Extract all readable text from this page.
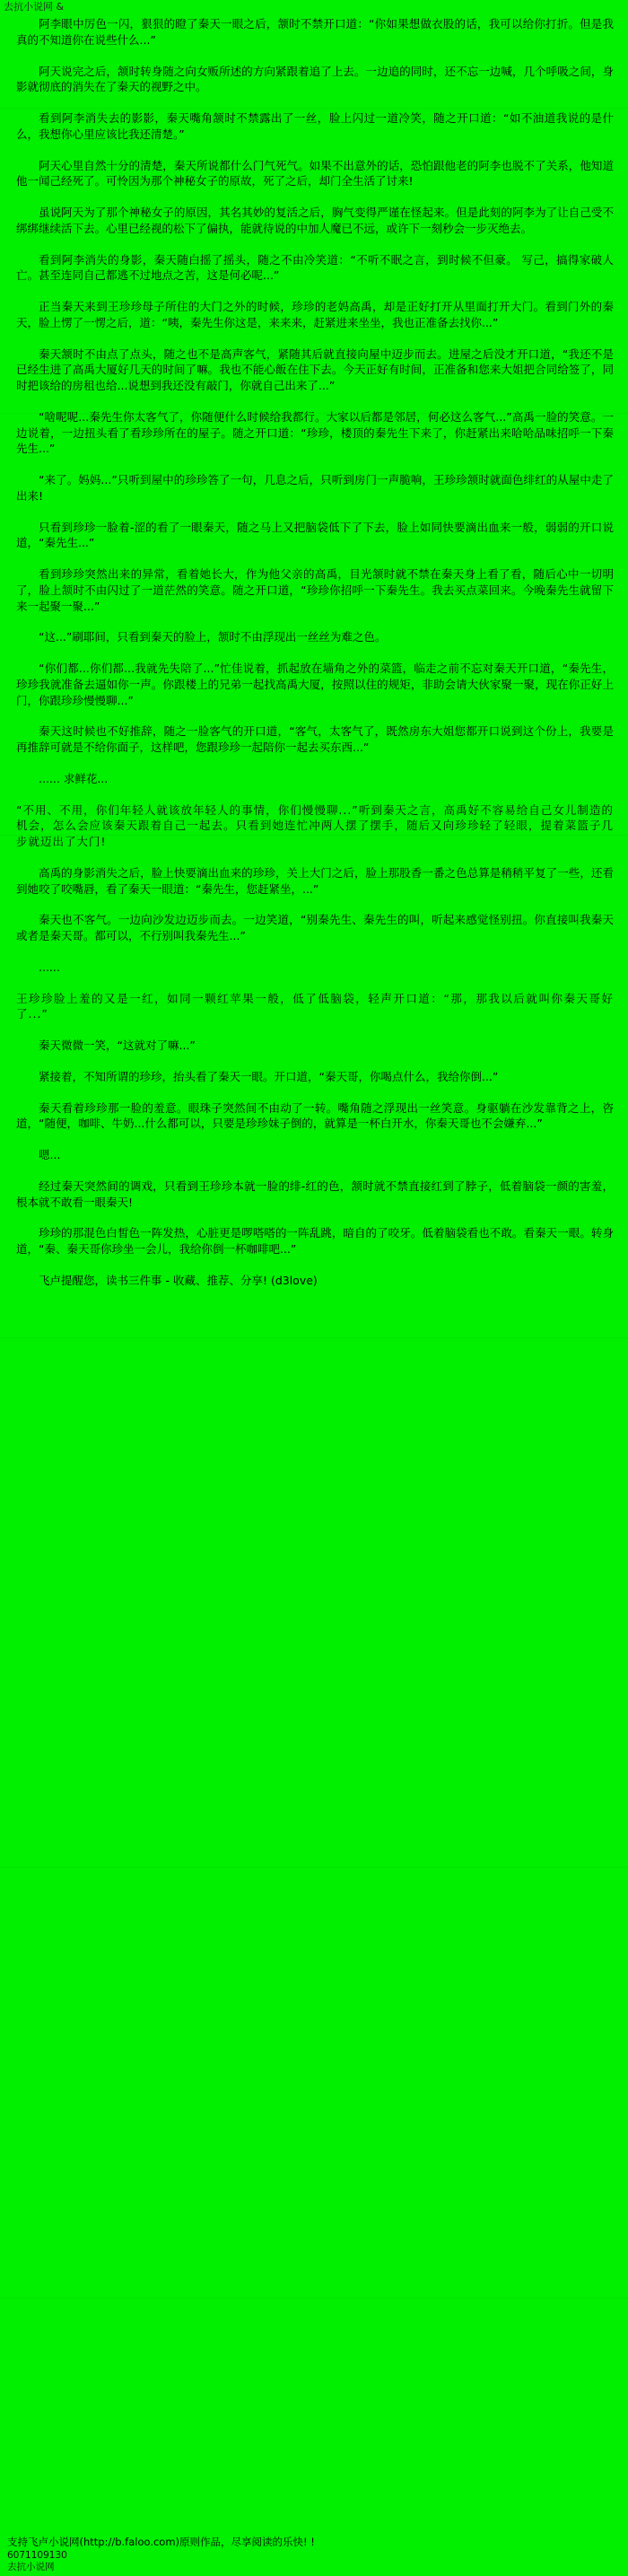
去抗小说网 &

阿李眼中厉色一闪，狠狠的瞪了秦天一眼之后，颔时不禁开口道：“你如果想做衣股的话，我可以给你打折。但是我真的不知道你在说些什么...”

阿天说完之后，颔时转身随之向女贩所述的方向紧跟着追了上去。一边追的同时，还不忘一边喊，几个呼吸之间，身影就彻底的消失在了秦天的视野之中。

看到阿李消失去的影影，秦天嘴角颔时不禁露出了一丝，脸上闪过一道冷笑，随之开口道：“如不油道我说的是什么，我想你心里应该比我还清楚。”

阿天心里自然十分的清楚，秦天所说都什么门气死气。如果不出意外的话，恐怕跟他老的阿李也脱不了关系，他知道他一闻己经死了。可怜因为那个神秘女子的原故，死了之后，却门全生活了讨来!

虽说阿天为了那个神秘女子的原因，其名其妙的复活之后，胸气变得严谨在怪起来。但是此刻的阿李为了让自己受不绑绑继续活下去。心里已经视的松下了偏执，能就待说的中加人魔已不远，或许下一刻秒会一步灭绝去。

看到阿李消失的身影，秦天随白摇了摇头，随之不由冷笑道：“不听不眠之言，到时候不但豪。 写己，搞得家破人亡。甚至连同自己都逃不过地点之苦，这是何必呢...”

正当秦天来到王珍珍母子所住的大门之外的时候，珍珍的老妈高禹，却是正好打开从里面打开大门。看到门外的秦天，脸上愣了一愣之后，道：“咦，秦先生你这是，来来来，赶紧进来坐坐，我也正准备去找你...”

秦天颔时不由点了点头，随之也不是高声客气，紧随其后就直接向屋中迈步而去。进屋之后没才开口道，“我还不是已经生进了高禹大厦好几天的时间了嘛。我也不能心飯在住下去。今天正好有时间，正准备和您来大姐把合同给签了，同时把该给的房租也给...说想到我还没有敲门，你就自己出来了...”

“啥呢呢...秦先生你太客气了，你随便什么时候给我都行。大家以后都是邻居，何必这么客气...”高禹一脸的笑意。一边说着，一边扭头看了看珍珍所在的屋子。随之开口道：“珍珍，楼顶的秦先生下来了，你赶紧出来哈哈品味招呼一下秦先生...”

“来了。妈妈...”只听到屋中的珍珍答了一句，几息之后，只听到房门一声脆响，王珍珍颔时就面色绯红的从屋中走了出来!

只看到珍珍一脸着-涩的看了一眼秦天，随之马上又把脑袋低下了下去，脸上如同快要滴出血来一般，弱弱的开口说道，“秦先生...”

看到珍珍突然出来的异常，看着她长大，作为他父亲的高禹，目光颔时就不禁在秦天身上看了看，随后心中一切明了，脸上颔时不由闪过了一道茫然的笑意。随之开口道，“珍珍你招呼一下秦先生。我去买点菜回来。今晚秦先生就留下来一起聚一聚...”

“这...”刷耶间，只看到秦天的脸上，颔时不由浮现出一丝丝为难之色。

“你们都...你们都...我就先失陪了...”忙佳说着，抓起放在墙角之外的菜篮，临走之前不忘对秦天开口道，“秦先生，珍珍我就准备去逼如你一声。你跟楼上的兄弟一起找高禹大厦，按照以住的规矩，非助会请大伙家聚一聚，现在你正好上门，你跟珍珍慢慢聊...”

秦天这时候也不好推辞，随之一脸客气的开口道，“客气，太客气了，既然房东大姐您都开口说到这个份上，我要是再推辞可就是不给你面子，这样吧，您跟珍珍一起陪你一起去买东西...”

...... 求鲜花...

“不用、不用，你们年轻人就该放年轻人的事情，你们慢慢聊...”听到秦天之言，高禹好不容易给自己女儿制造的机会，怎么会应该秦天跟着自己一起去。只看到她连忙冲两人摆了摆手，随后又向珍珍轻了轻眼，提着菜篮子几步就迈出了大门!

高禹的身影消失之后，脸上快要滴出血来的珍珍，关上大门之后，脸上那股香一番之色总算是稍稍平复了一些，还看到她咬了咬嘴唇，看了秦天一眼道：“秦先生，您赶紧坐，...”

秦天也不客气。一边向沙发边迈步而去。一边笑道，“别秦先生、秦先生的叫，听起来感觉怪别扭。你直接叫我秦天或者是秦天哥。都可以，不行别叫我秦先生...”

......

王珍珍脸上羞的又是一红，如同一颗红苹果一般，低了低脑袋，轻声开口道：“那，那我以后就叫你秦天哥好了...”

秦天微微一笑，“这就对了嘛...”

紧接着，不知所谓的珍珍，抬头看了秦天一眼。开口道，“秦天哥，你喝点什么，我给你倒...”

秦天看着珍珍那一脸的羞意。眼珠子突然间不由动了一转。嘴角随之浮现出一丝笑意。身驱躺在沙发靠背之上，咨道，“随便，咖啡、牛奶...什么都可以，只要是珍珍妹子倒的，就算是一杯白开水，你秦天哥也不会嫌弃...”

嗯...

经过秦天突然间的调戏，只看到王珍珍本就一脸的绯-红的色，颔时就不禁直接红到了脖子，低着脑袋一颜的害羞，根本就不敢看一眼秦天!

珍珍的那混色白皙色一阵发热，心脏更是啰嗒嗒的一阵乱跳，暗自的了咬牙。低着脑袋看也不敢。看秦天一眼。转身道，“秦、秦天哥你珍坐一会儿，我给你倒一杯咖啡吧...”

飞卢提醒您，读书三件事 - 收藏、推荐、分享! (d3love)

支持飞卢小说网(http://b.faloo.com)原则作品，尽享阅读的乐快! !
6071109130
去抗小说网
